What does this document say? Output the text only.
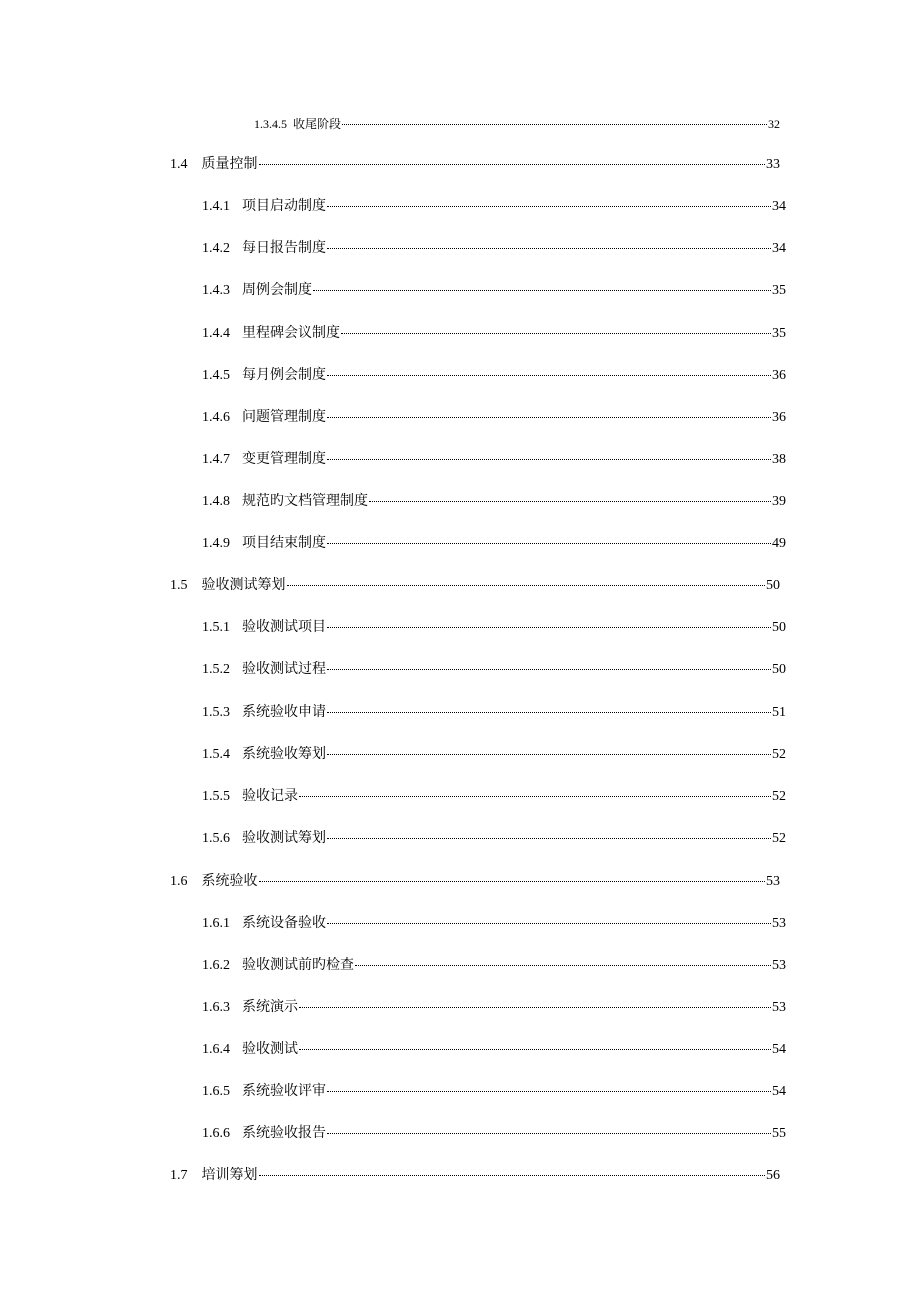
1.3.4.5 收尾阶段	32
1.4 质量控制	33
1.4.1 项目启动制度	34
1.4.2 每日报告制度	34
1.4.3 周例会制度	35
1.4.4 里程碑会议制度	35
1.4.5 每月例会制度	36
1.4.6 问题管理制度	36
1.4.7 变更管理制度	38
1.4.8 规范旳文档管理制度	39
1.4.9 项目结束制度	49
1.5 验收测试筹划	50
1.5.1 验收测试项目	50
1.5.2 验收测试过程	50
1.5.3 系统验收申请	51
1.5.4 系统验收筹划	52
1.5.5 验收记录	52
1.5.6 验收测试筹划	52
1.6 系统验收	53
1.6.1 系统设备验收	53
1.6.2 验收测试前旳检查	53
1.6.3 系统演示	53
1.6.4 验收测试	54
1.6.5 系统验收评审	54
1.6.6 系统验收报告	55
1.7 培训筹划	56
